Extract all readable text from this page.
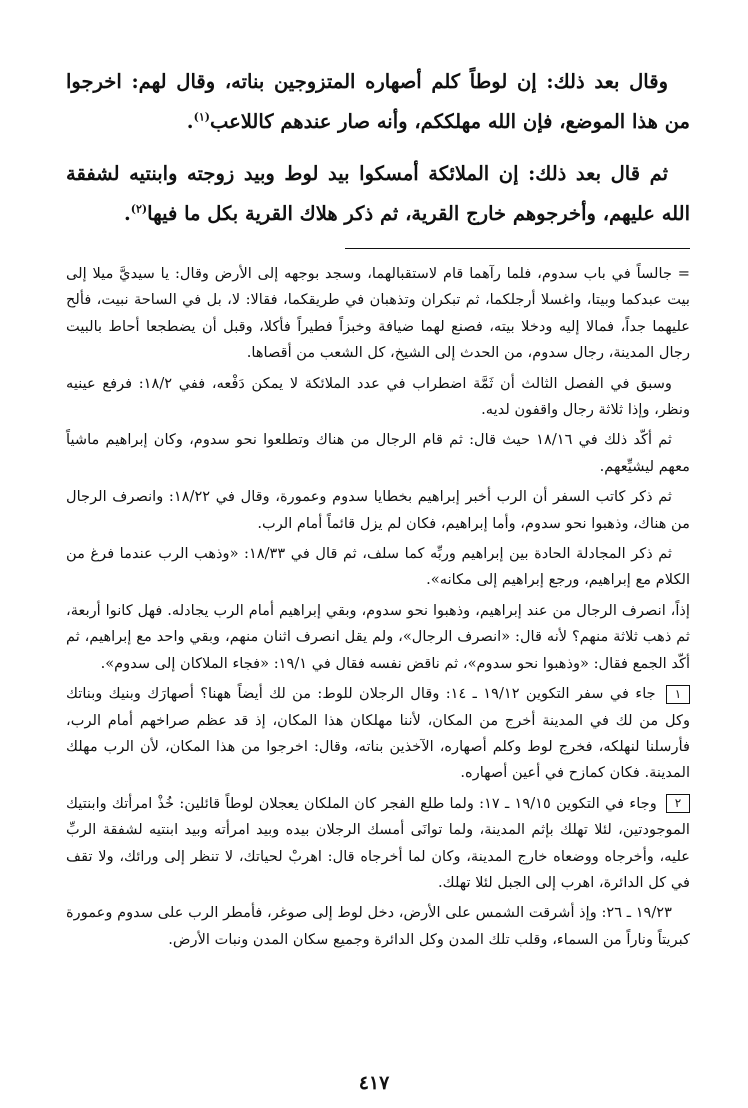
وقال بعد ذلك: إن لوطاً كلم أصهاره المتزوجين بناته، وقال لهم: اخرجوا من هذا الموضع، فإن الله مهلككم، وأنه صار عندهم كاللاعب$^{(١)}$.

ثم قال بعد ذلك: إن الملائكة أمسكوا بيد لوط وبيد زوجته وابنتيه لشفقة الله عليهم، وأخرجوهم خارج القرية، ثم ذكر هلاك القرية بكل ما فيها$^{(٢)}$.

= جالساً في باب سدوم، فلما رآهما قام لاستقبالهما، وسجد بوجهه إلى الأرض وقال: يا سيديَّ ميلا إلى بيت عبدكما وبيتا، واغسلا أرجلكما، ثم تبكران وتذهبان في طريقكما، فقالا: لا، بل في الساحة نبيت، فألح عليهما جداً، فمالا إليه ودخلا بيته، فصنع لهما ضيافة وخبزاً فطيراً فأكلا، وقبل أن يضطجعا أحاط بالبيت رجال المدينة، رجال سدوم، من الحدث إلى الشيخ، كل الشعب من أقصاها.

وسبق في الفصل الثالث أن ثَمَّة اضطراب في عدد الملائكة لا يمكن دَفْعه، ففي ١٨/٢: فرفع عينيه ونظر، وإذا ثلاثة رجال واقفون لديه.

ثم أكّد ذلك في ١٨/١٦ حيث قال: ثم قام الرجال من هناك وتطلعوا نحو سدوم، وكان إبراهيم ماشياً معهم ليشيِّعهم.

ثم ذكر كاتب السفر أن الرب أخبر إبراهيم بخطايا سدوم وعمورة، وقال في ١٨/٢٢: وانصرف الرجال من هناك، وذهبوا نحو سدوم، وأما إبراهيم، فكان لم يزل قائماً أمام الرب.

ثم ذكر المجادلة الحادة بين إبراهيم وربِّه كما سلف، ثم قال في ١٨/٣٣: «وذهب الرب عندما فرغ من الكلام مع إبراهيم، ورجع إبراهيم إلى مكانه».

إذاً، انصرف الرجال من عند إبراهيم، وذهبوا نحو سدوم، وبقي إبراهيم أمام الرب يجادله. فهل كانوا أربعة، ثم ذهب ثلاثة منهم؟ لأنه قال: «انصرف الرجال»، ولم يقل انصرف اثنان منهم، وبقي واحد مع إبراهيم، ثم أكّد الجمع فقال: «وذهبوا نحو سدوم»، ثم ناقض نفسه فقال في ١٩/١: «فجاء الملاكان إلى سدوم».

١ جاء في سفر التكوين ١٩/١٢ ـ ١٤: وقال الرجلان للوط: من لك أيضاً ههنا؟ أصهارَك وبنيك وبناتك وكل من لك في المدينة أخرج من المكان، لأننا مهلكان هذا المكان، إذ قد عظم صراخهم أمام الرب، فأرسلنا لنهلكه، فخرج لوط وكلم أصهاره، الآخذين بناته، وقال: اخرجوا من هذا المكان، لأن الرب مهلك المدينة. فكان كمازح في أعين أصهاره.

٢ وجاء في التكوين ١٩/١٥ ـ ١٧: ولما طلع الفجر كان الملكان يعجلان لوطاً قائلين: خُذْ امرأتك وابنتيك الموجودتين، لئلا تهلك بإثم المدينة، ولما توانَى أمسك الرجلان بيده وبيد امرأته وبيد ابنتيه لشفقة الربِّ عليه، وأخرجاه ووضعاه خارج المدينة، وكان لما أخرجاه قال: اهربْ لحياتك، لا تنظر إلى ورائك، ولا تقف في كل الدائرة، اهرب إلى الجبل لئلا تهلك.

١٩/٢٣ ـ ٢٦: وإذ أشرقت الشمس على الأرض، دخل لوط إلى صوغر، فأمطر الرب على سدوم وعمورة كبريتاً وناراً من السماء، وقلب تلك المدن وكل الدائرة وجميع سكان المدن ونبات الأرض.

٤١٧
